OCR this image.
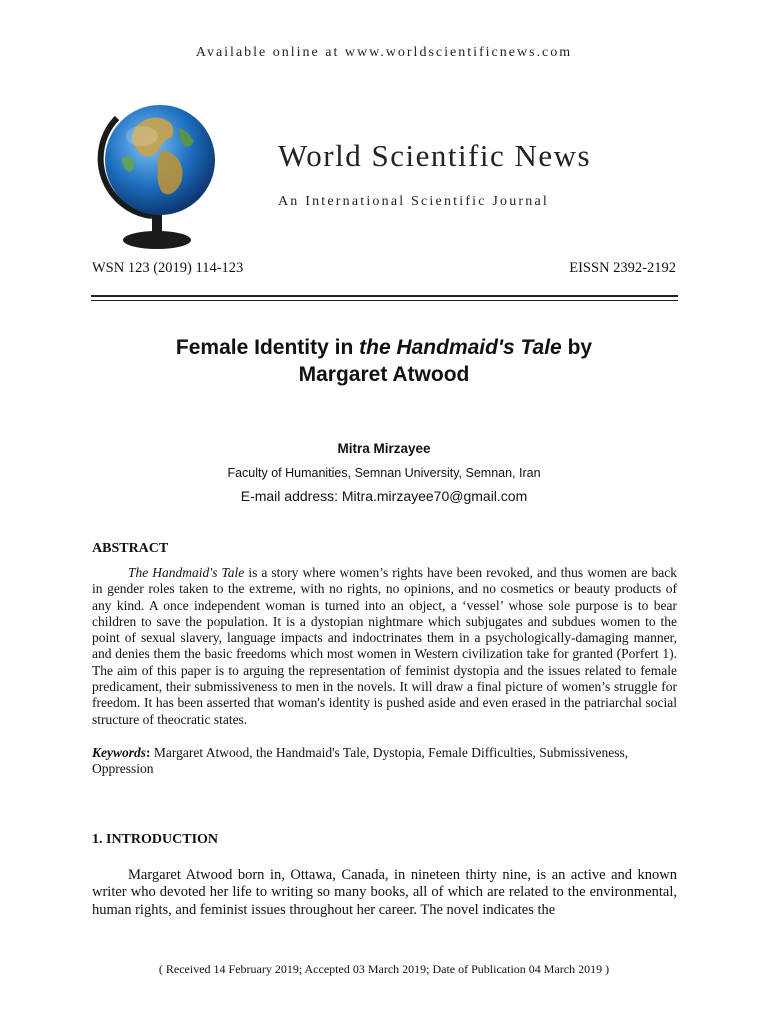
Available online at www.worldscientificnews.com
World Scientific News
An International Scientific Journal
WSN 123 (2019) 114-123	EISSN 2392-2192
Female Identity in the Handmaid's Tale by
Margaret Atwood
Mitra Mirzayee
Faculty of Humanities, Semnan University, Semnan, Iran
E-mail address: Mitra.mirzayee70@gmail.com
ABSTRACT
The Handmaid's Tale is a story where women’s rights have been revoked, and thus women are back in gender roles taken to the extreme, with no rights, no opinions, and no cosmetics or beauty products of any kind. A once independent woman is turned into an object, a ‘vessel’ whose sole purpose is to bear children to save the population. It is a dystopian nightmare which subjugates and subdues women to the point of sexual slavery, language impacts and indoctrinates them in a psychologically-damaging manner, and denies them the basic freedoms which most women in Western civilization take for granted (Porfert 1). The aim of this paper is to arguing the representation of feminist dystopia and the issues related to female predicament, their submissiveness to men in the novels. It will draw a final picture of women’s struggle for freedom. It has been asserted that woman's identity is pushed aside and even erased in the patriarchal social structure of theocratic states.
Keywords: Margaret Atwood, the Handmaid's Tale, Dystopia, Female Difficulties, Submissiveness, Oppression
1. INTRODUCTION
Margaret Atwood born in, Ottawa, Canada, in nineteen thirty nine, is an active and known writer who devoted her life to writing so many books, all of which are related to the environmental, human rights, and feminist issues throughout her career. The novel indicates the
( Received 14 February 2019; Accepted 03 March 2019; Date of Publication 04 March 2019 )
